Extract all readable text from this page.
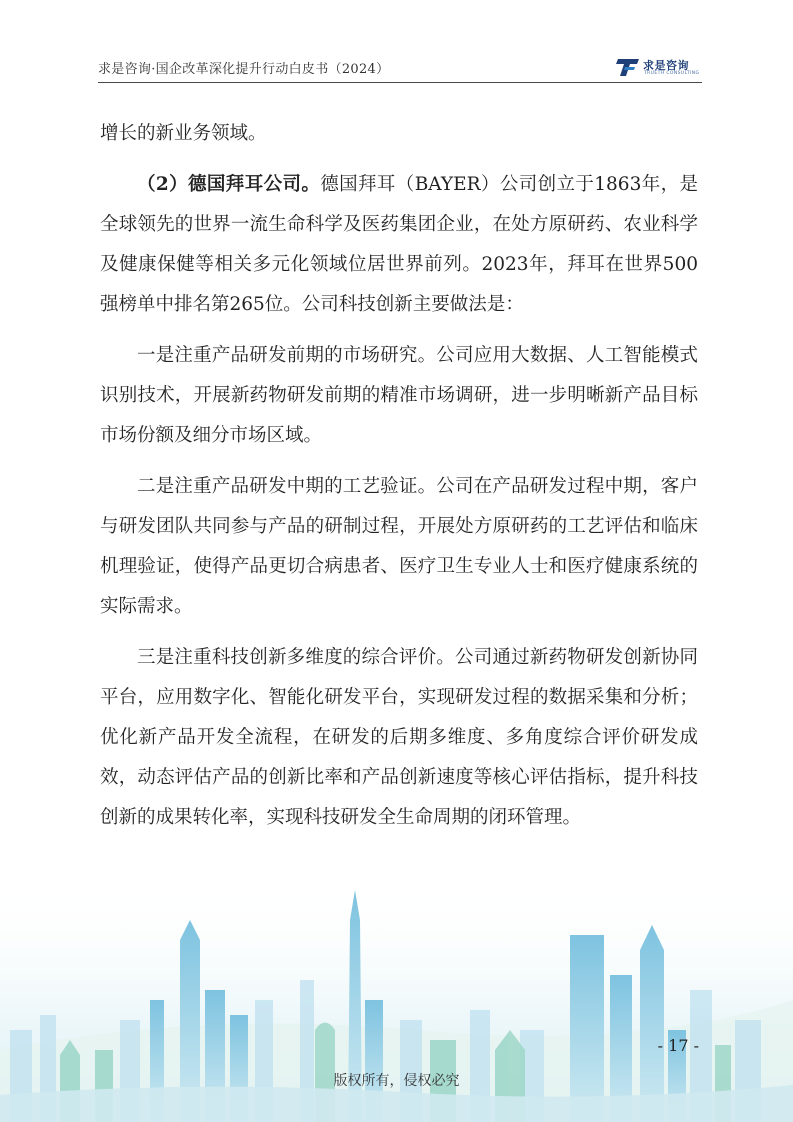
求是咨询·国企改革深化提升行动白皮书（2024）	求是咨询
TRUETH CONSULTING

增长的新业务领域。

（2）德国拜耳公司。德国拜耳（BAYER）公司创立于1863年，是全球领先的世界一流生命科学及医药集团企业，在处方原研药、农业科学及健康保健等相关多元化领域位居世界前列。2023年，拜耳在世界500强榜单中排名第265位。公司科技创新主要做法是：

一是注重产品研发前期的市场研究。公司应用大数据、人工智能模式识别技术，开展新药物研发前期的精准市场调研，进一步明晰新产品目标市场份额及细分市场区域。

二是注重产品研发中期的工艺验证。公司在产品研发过程中期，客户与研发团队共同参与产品的研制过程，开展处方原研药的工艺评估和临床机理验证，使得产品更切合病患者、医疗卫生专业人士和医疗健康系统的实际需求。

三是注重科技创新多维度的综合评价。公司通过新药物研发创新协同平台，应用数字化、智能化研发平台，实现研发过程的数据采集和分析；优化新产品开发全流程，在研发的后期多维度、多角度综合评价研发成效，动态评估产品的创新比率和产品创新速度等核心评估指标，提升科技创新的成果转化率，实现科技研发全生命周期的闭环管理。

- 17 -
版权所有，侵权必究
